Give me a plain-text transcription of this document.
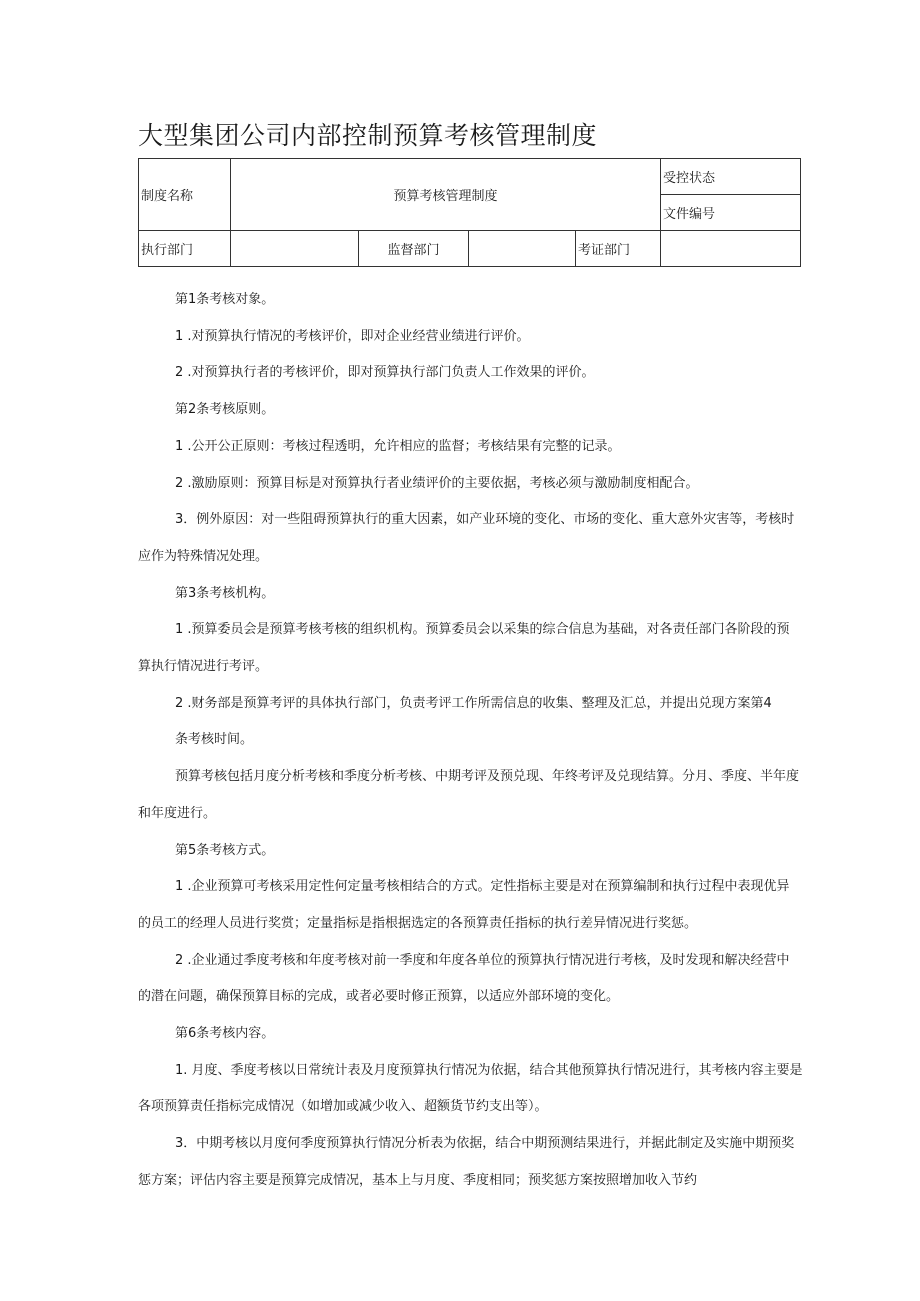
大型集团公司内部控制预算考核管理制度
制度名称	预算考核管理制度				受控状态	
					文件编号	
执行部门		监督部门		考证部门		

第1条考核对象。

1 .对预算执行情况的考核评价，即对企业经营业绩进行评价。

2 .对预算执行者的考核评价，即对预算执行部门负责人工作效果的评价。

第2条考核原则。

1 .公开公正原则：考核过程透明，允许相应的监督；考核结果有完整的记录。

2 .激励原则：预算目标是对预算执行者业绩评价的主要依据，考核必须与激励制度相配合。

3．例外原因：对一些阻碍预算执行的重大因素，如产业环境的变化、市场的变化、重大意外灾害等，考核时

应作为特殊情况处理。

第3条考核机构。

1 .预算委员会是预算考核考核的组织机构。预算委员会以采集的综合信息为基础，对各责任部门各阶段的预

算执行情况进行考评。

2 .财务部是预算考评的具体执行部门，负责考评工作所需信息的收集、整理及汇总，并提出兑现方案第4

条考核时间。

预算考核包括月度分析考核和季度分析考核、中期考评及预兑现、年终考评及兑现结算。分月、季度、半年度

和年度进行。

第5条考核方式。

1 .企业预算可考核采用定性何定量考核相结合的方式。定性指标主要是对在预算编制和执行过程中表现优异

的员工的经理人员进行奖赏；定量指标是指根据选定的各预算责任指标的执行差异情况进行奖惩。

2 .企业通过季度考核和年度考核对前一季度和年度各单位的预算执行情况进行考核，及时发现和解决经营中

的潜在问题，确保预算目标的完成，或者必要时修正预算，以适应外部环境的变化。

第6条考核内容。

1. 月度、季度考核以日常统计表及月度预算执行情况为依据，结合其他预算执行情况进行，其考核内容主要是

各项预算责任指标完成情况（如增加或减少收入、超额货节约支出等）。

3．中期考核以月度何季度预算执行情况分析表为依据，结合中期预测结果进行，并据此制定及实施中期预奖

惩方案；评估内容主要是预算完成情况，基本上与月度、季度相同；预奖惩方案按照增加收入节约
